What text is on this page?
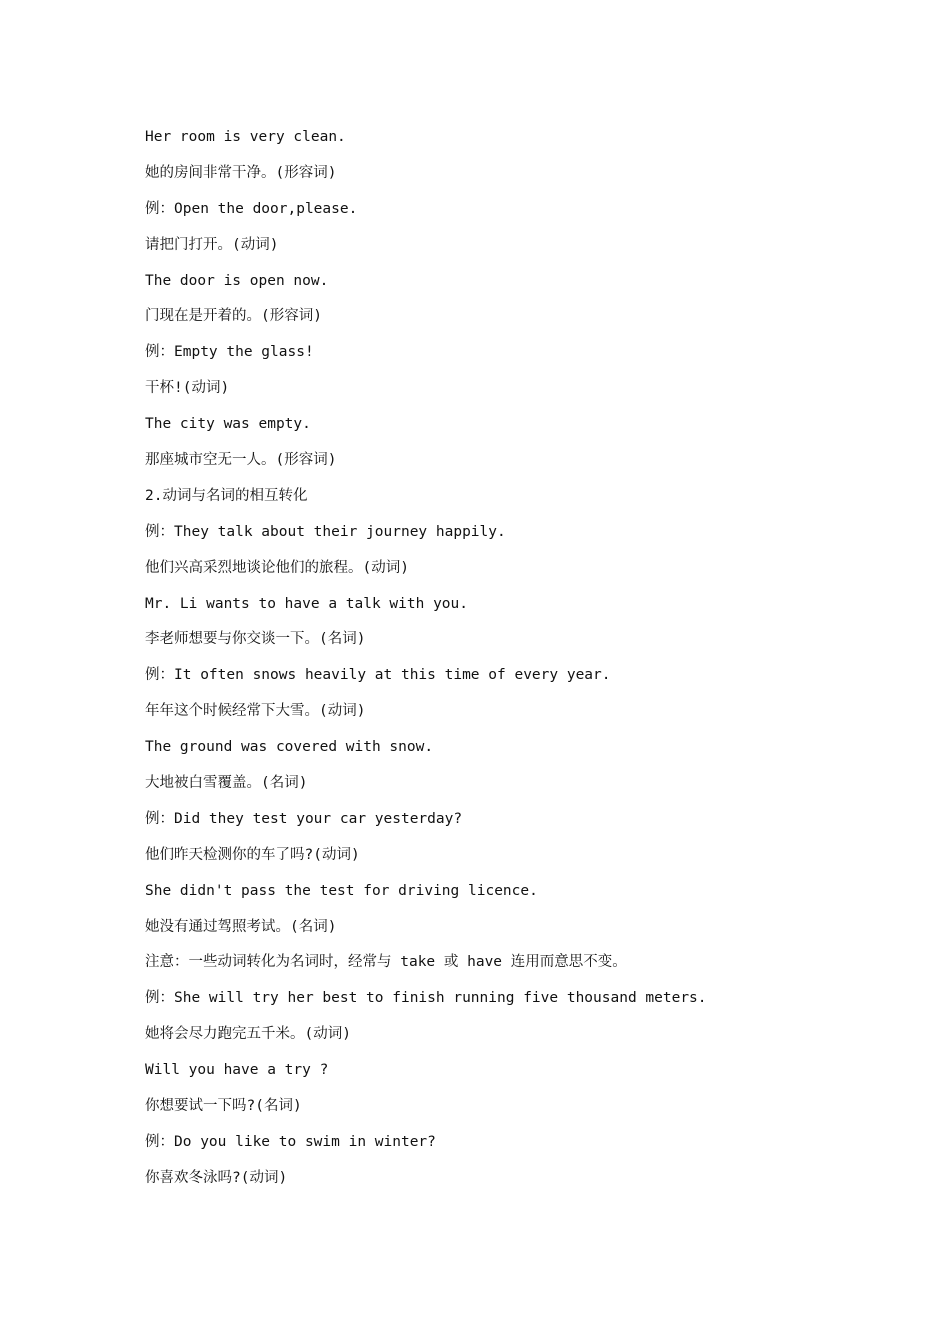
Her room is very clean.
她的房间非常干净。(形容词)
例：Open the door,please.
请把门打开。(动词)
The door is open now.
门现在是开着的。(形容词)
例：Empty the glass!
干杯!(动词)
The city was empty.
那座城市空无一人。(形容词)
2.动词与名词的相互转化
例：They talk about their journey happily.
他们兴高采烈地谈论他们的旅程。(动词)
Mr. Li wants to have a talk with you.
李老师想要与你交谈一下。(名词)
例：It often snows heavily at this time of every year.
年年这个时候经常下大雪。(动词)
The ground was covered with snow.
大地被白雪覆盖。(名词)
例：Did they test your car yesterday?
他们昨天检测你的车了吗?(动词)
She didn't pass the test for driving licence.
她没有通过驾照考试。(名词)
注意：一些动词转化为名词时，经常与 take 或 have 连用而意思不变。
例：She will try her best to finish running five thousand meters.
她将会尽力跑完五千米。(动词)
Will you have a try ?
你想要试一下吗?(名词)
例：Do you like to swim in winter?
你喜欢冬泳吗?(动词)
